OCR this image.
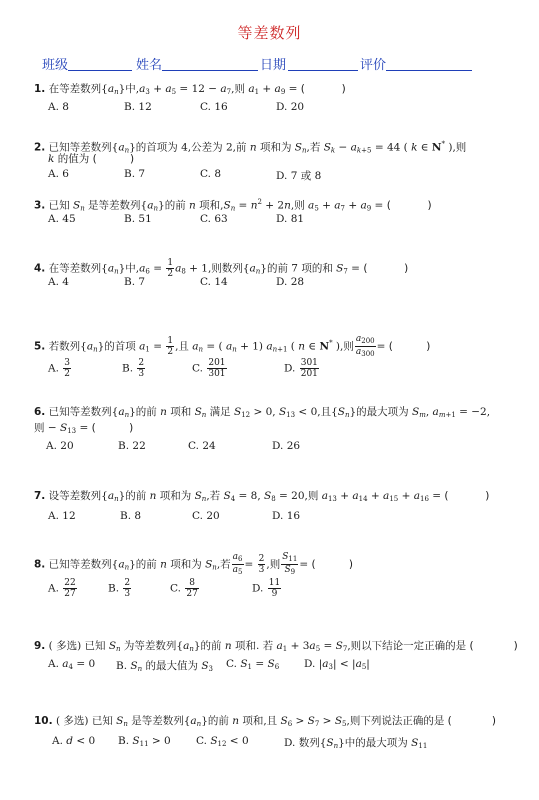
等差数列
班级	姓名	日期	评价
1. 在等差数列$\{a_n\}$中$,a_3 + a_5 = 12 - a_7$,则 $a_1 + a_9$ = (           )
A. 8	B. 12	C. 16	D. 20
2. 已知等差数列$\{a_n\}$的首项为 4,公差为 2,前 n 项和为 $S_n$,若 $S_k - a_{k+5} = 44$ ( k ∈ N* ),则
k 的值为 (          )
A. 6	B. 7	C. 8	D. 7 或 8
3. 已知 $S_n$ 是等差数列$\{a_n\}$的前 n 项和$,S_n = n^2 + 2n$,则 $a_5 + a_7 + a_9$ = (           )
A. 45	B. 51	C. 63	D. 81
4. 在等差数列$\{a_n\}$中$,a_6 = \frac{1}{2} a_8 + 1$,则数列$\{a_n\}$的前 7 项的和 $S_7$ = (           )
A. 4	B. 7	C. 14	D. 28
5. 若数列$\{a_n\}$的首项 $a_1 = \frac{1}{2}$ ,且 $a_n$ = ( $a_n + 1$) $a_{n+1}$ ( n ∈ N* ),则 $\frac{a_{200}}{a_{300}}$ = (          )
A. $\frac{3}{2}$	B. $\frac{2}{3}$	C. $\frac{201}{301}$	D. $\frac{301}{201}$
6. 已知等差数列$\{a_n\}$的前 n 项和 $S_n$ 满足 $S_{12} > 0$, $S_{13} < 0$,且$\{S_n\}$的最大项为 $S_m$, $a_{m+1} = -2$,
则 − $S_{13}$ = (          )
A. 20	B. 22	C. 24	D. 26
7. 设等差数列$\{a_n\}$的前 n 项和为 $S_n$,若 $S_4 = 8$, $S_8 = 20$,则 $a_{13} + a_{14} + a_{15} + a_{16}$ = (           )
A. 12	B. 8	C. 20	D. 16
8. 已知等差数列$\{a_n\}$的前 n 项和为 $S_n$,若 $\frac{a_6}{a_5} = \frac{2}{3}$ ,则 $\frac{S_{11}}{S_9}$ = (          )
A. $\frac{22}{27}$	B. $\frac{2}{3}$	C. $\frac{8}{27}$	D. $\frac{11}{9}$
9. ( 多选) 已知 $S_n$ 为等差数列$\{a_n\}$的前 n 项和. 若 $a_1 + 3a_5 = S_7$,则以下结论一定正确的是 (            )
A. $a_4 = 0$ B. $S_n$ 的最大值为 $S_3$ C. $S_1 = S_6$ D. $|a_3| < |a_5|$
10. ( 多选) 已知 $S_n$ 是等差数列$\{a_n\}$的前 n 项和,且 $S_6 > S_7 > S_5$,则下列说法正确的是 (            )
A. d < 0 B. $S_{11} > 0$ C. $S_{12} < 0$	D. 数列$\{S_n\}$中的最大项为 $S_{11}$
